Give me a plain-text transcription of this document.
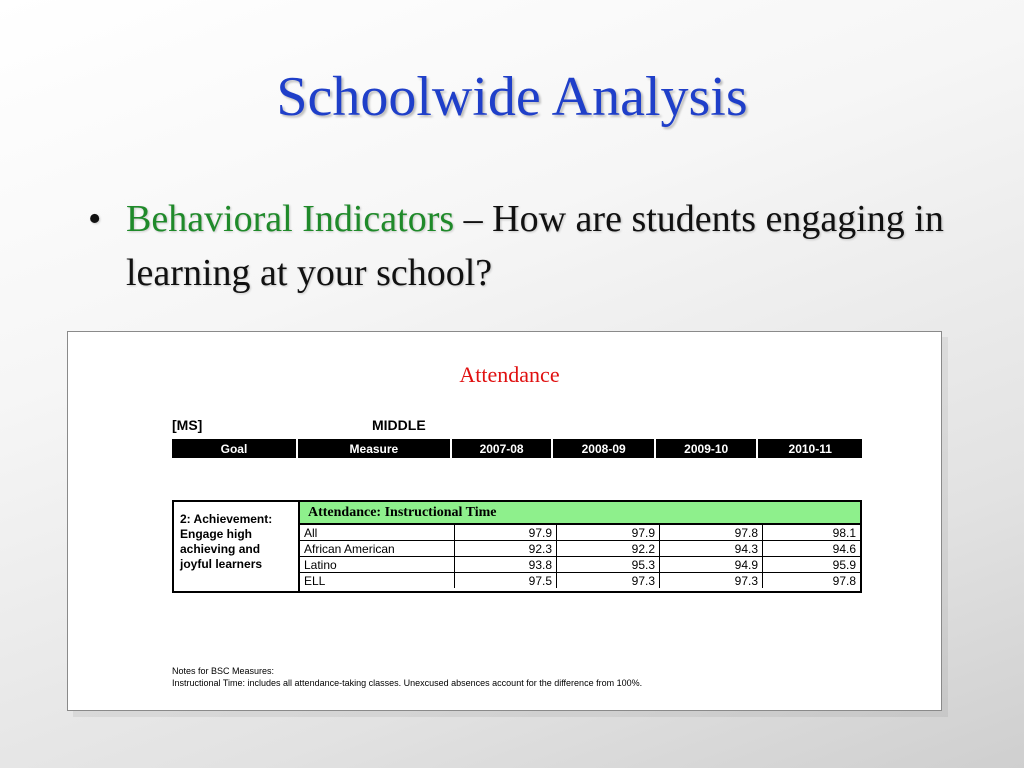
Schoolwide Analysis
• Behavioral Indicators – How are students engaging in learning at your school?
Attendance
[MS]	MIDDLE
Goal	Measure	2007-08	2008-09	2009-10	2010-11
2: Achievement: Engage high achieving and joyful learners
Attendance: Instructional Time				
All	97.9	97.9	97.8	98.1
African American	92.3	92.2	94.3	94.6
Latino	93.8	95.3	94.9	95.9
ELL	97.5	97.3	97.3	97.8
Notes for BSC Measures:
Instructional Time: includes all attendance-taking classes. Unexcused absences account for the difference from 100%.
